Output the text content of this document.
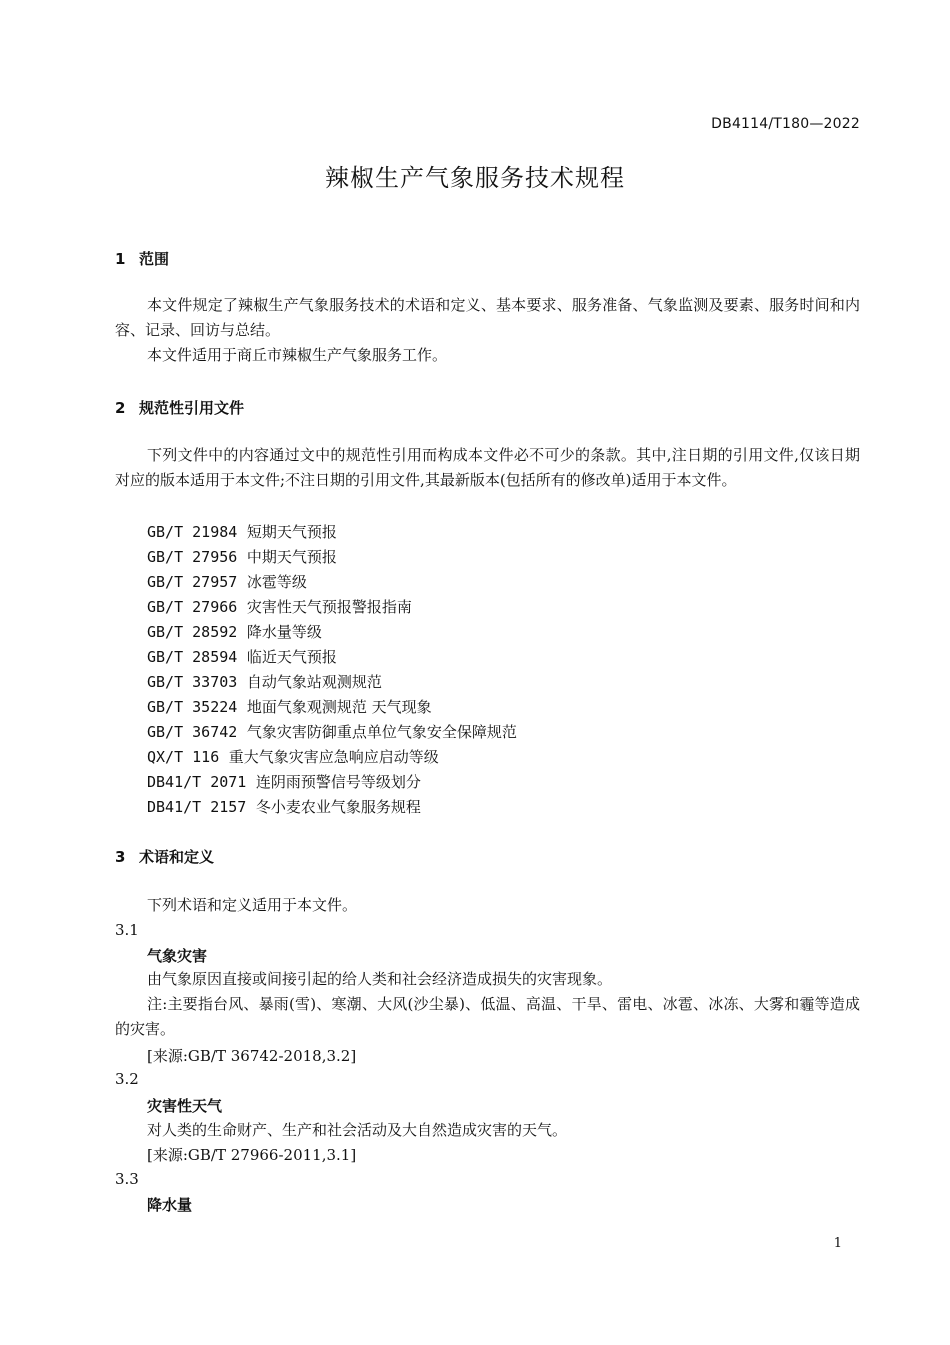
DB4114/T180—2022
辣椒生产气象服务技术规程
1 范围
本文件规定了辣椒生产气象服务技术的术语和定义、基本要求、服务准备、气象监测及要素、服务时间和内容、记录、回访与总结。
本文件适用于商丘市辣椒生产气象服务工作。
2 规范性引用文件
下列文件中的内容通过文中的规范性引用而构成本文件必不可少的条款。其中,注日期的引用文件,仅该日期对应的版本适用于本文件;不注日期的引用文件,其最新版本(包括所有的修改单)适用于本文件。
GB/T 21984 短期天气预报
GB/T 27956 中期天气预报
GB/T 27957 冰雹等级
GB/T 27966 灾害性天气预报警报指南
GB/T 28592 降水量等级
GB/T 28594 临近天气预报
GB/T 33703 自动气象站观测规范
GB/T 35224 地面气象观测规范 天气现象
GB/T 36742 气象灾害防御重点单位气象安全保障规范
QX/T 116 重大气象灾害应急响应启动等级
DB41/T 2071 连阴雨预警信号等级划分
DB41/T 2157 冬小麦农业气象服务规程
3 术语和定义
下列术语和定义适用于本文件。
3.1
气象灾害
由气象原因直接或间接引起的给人类和社会经济造成损失的灾害现象。
注:主要指台风、暴雨(雪)、寒潮、大风(沙尘暴)、低温、高温、干旱、雷电、冰雹、冰冻、大雾和霾等造成的灾害。
[来源:GB/T 36742-2018,3.2]
3.2
灾害性天气
对人类的生命财产、生产和社会活动及大自然造成灾害的天气。
[来源:GB/T 27966-2011,3.1]
3.3
降水量
1
